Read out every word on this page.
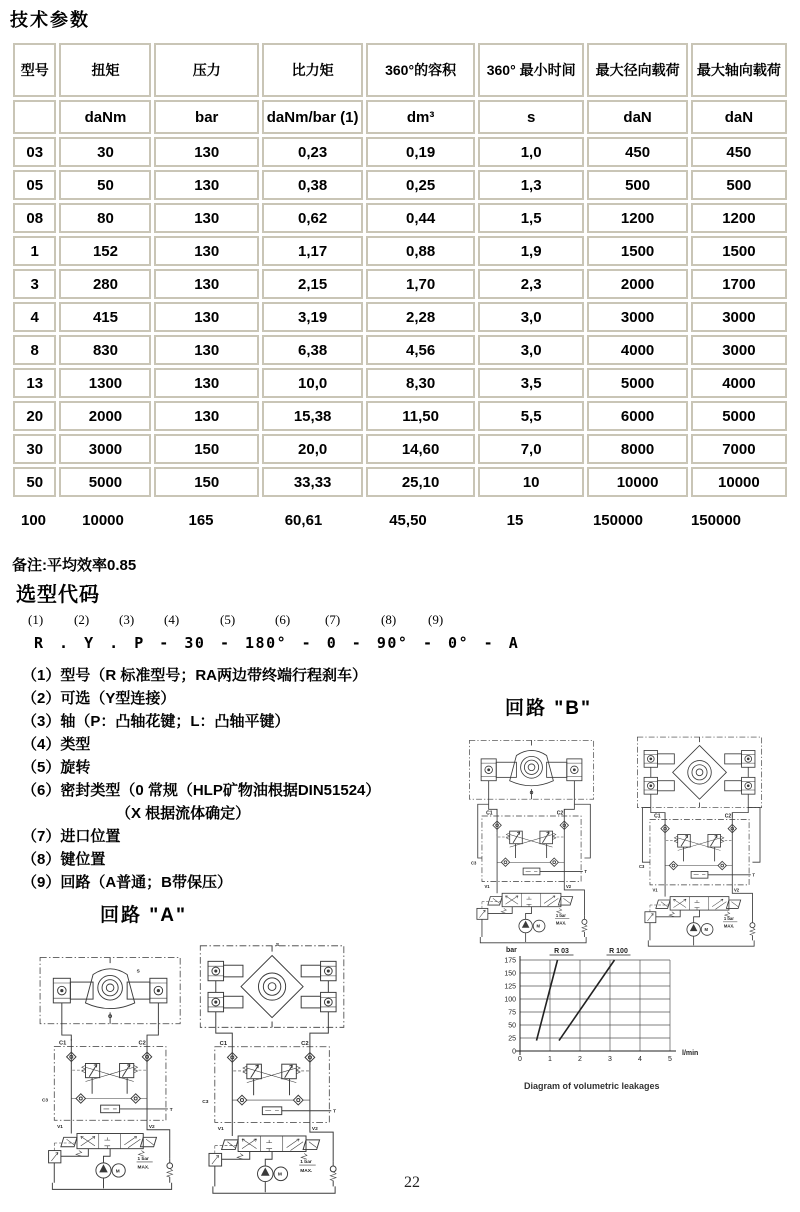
技术参数
型号	扭矩	压力	比力矩	360°的容积	360° 最小时间	最大径向载荷	最大轴向载荷
	daNm	bar	daNm/bar (1)	dm³	s	daN	daN
03	30	130	0,23	0,19	1,0	450	450
05	50	130	0,38	0,25	1,3	500	500
08	80	130	0,62	0,44	1,5	1200	1200
1	152	130	1,17	0,88	1,9	1500	1500
3	280	130	2,15	1,70	2,3	2000	1700
4	415	130	3,19	2,28	3,0	3000	3000
8	830	130	6,38	4,56	3,0	4000	3000
13	1300	130	10,0	8,30	3,5	5000	4000
20	2000	130	15,38	11,50	5,5	6000	5000
30	3000	150	20,0	14,60	7,0	8000	7000
50	5000	150	33,33	25,10	10	10000	10000
100	10000	165	60,61	45,50	15	150000	150000
备注:平均效率0.85
选型代码
(1) (2) (3) (4)	(5)	(6)	(7)	(8) (9)
R . Y . P - 30 - 180° - 0 - 90° - 0° - A
（1）型号（R 标准型号；RA两边带终端行程刹车）
（2）可选（Y型连接）
（3）轴（P：凸轴花键；L：凸轴平键）
（4）类型
（5）旋转
（6）密封类型（0 常规（HLP矿物油根据DIN51524）
（X 根据流体确定）
（7）进口位置
（8）键位置
（9）回路（A普通；B带保压）
回路 "B"
回路 "A"
C1	C2
C3
V1	V2
T
M
1 bar
MAX.
C1	C2
C3
V1	V2
T
M
1 bar
MAX.
S
C1	C2
C3
V1	V2
T
M
1 bar
MAX.
S
C1	C2
C3
V1	V2
T
M
1 bar
MAX.
0
25
50
75
100
125
150
175
0	1	2	3	4	5
bar
l/min
R 03	R 100
Diagram of volumetric leakages
22
